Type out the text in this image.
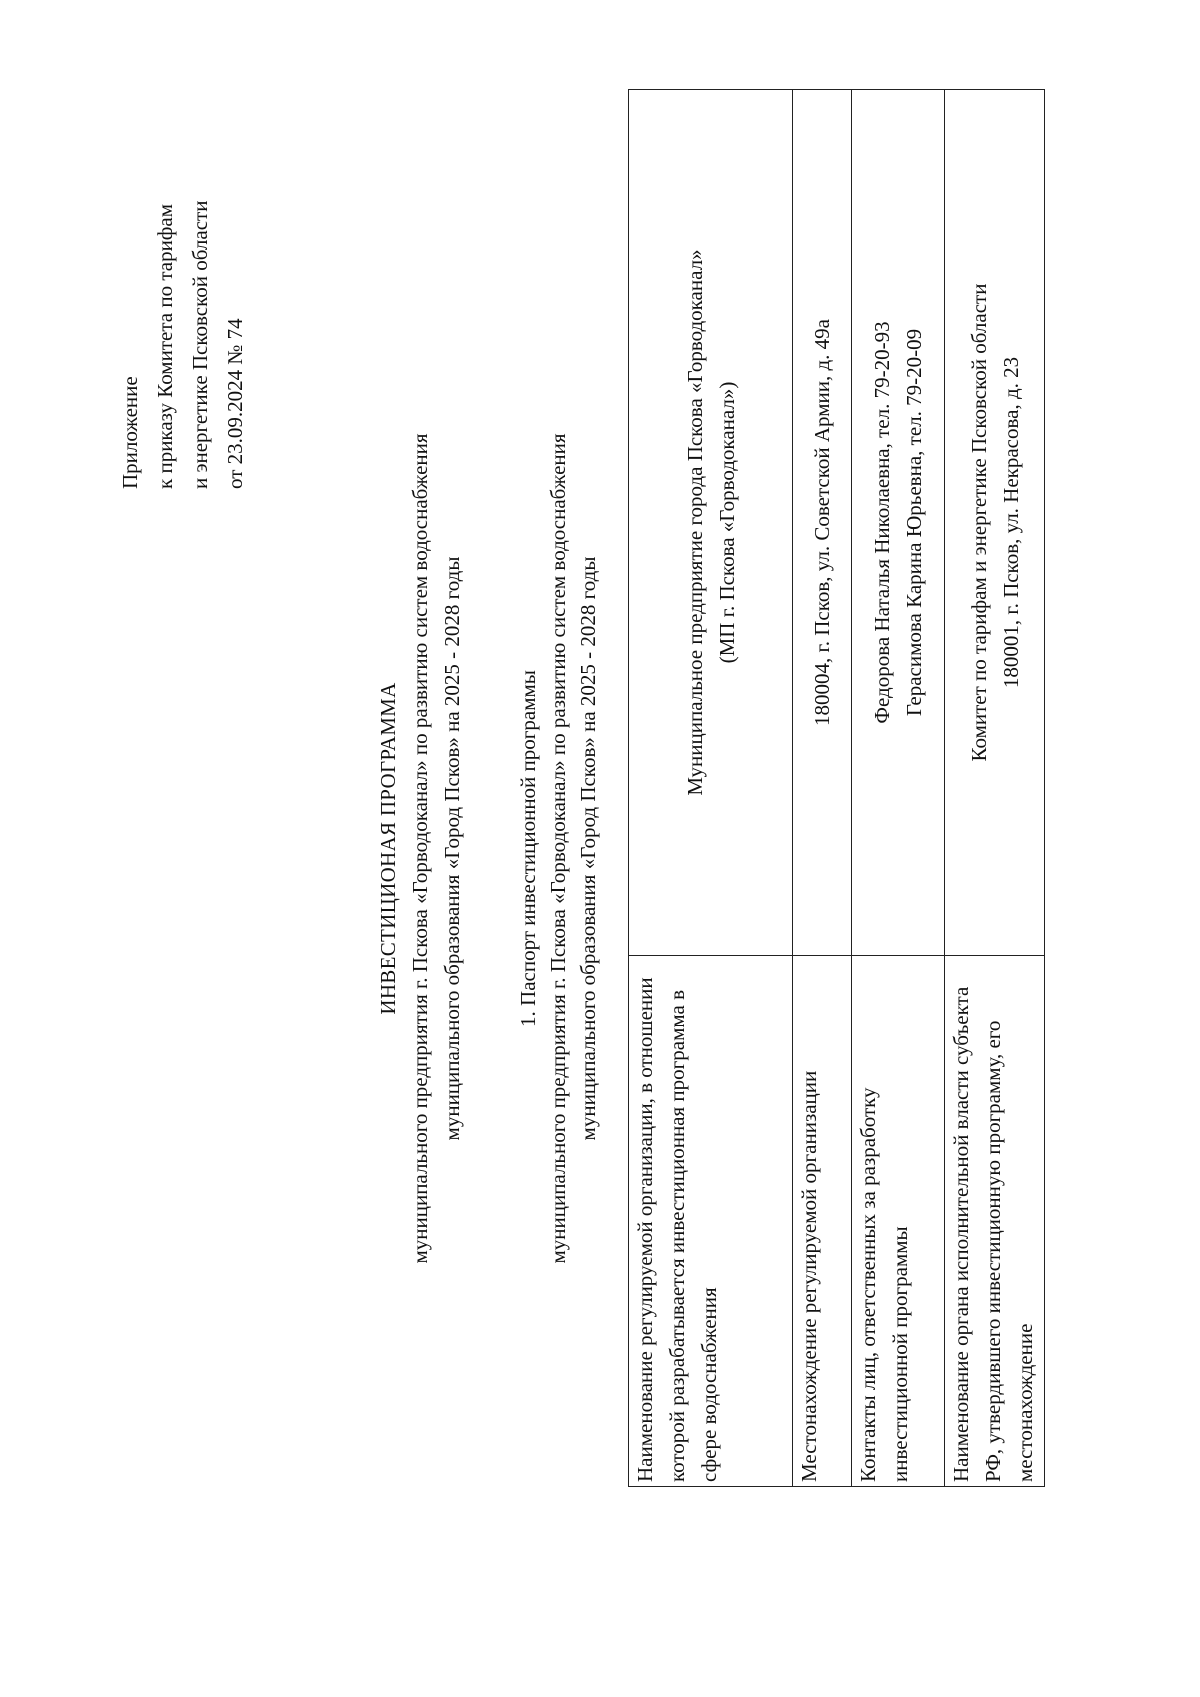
Приложение к приказу Комитета по тарифам и энергетике Псковской области от 23.09.2024 № 74
ИНВЕСТИЦИОНАЯ ПРОГРАММА муниципального предприятия г. Пскова «Горводоканал» по развитию систем водоснабжения муниципального образования «Город Псков» на 2025 - 2028 годы 1. Паспорт инвестиционной программы муниципального предприятия г. Пскова «Горводоканал» по развитию систем водоснабжения муниципального образования «Город Псков» на 2025 - 2028 годы
Наименование регулируемой организации, в отношении которой разрабатывается инвестиционная программа в сфере водоснабжения	Муниципальное предприятие города Пскова «Горводоканал» (МП г. Пскова «Горводоканал»)

Местонахождение регулируемой организации	180004, г. Псков, ул. Советской Армии, д. 49а

Контакты лиц, ответственных за разработку инвестиционной программы	Федорова Наталья Николаевна, тел. 79-20-93 Герасимова Карина Юрьевна, тел. 79-20-09

Наименование органа исполнительной власти субъекта РФ, утвердившего инвестиционную программу, его местонахождение	Комитет по тарифам и энергетике Псковской области 180001, г. Псков, ул. Некрасова, д. 23
